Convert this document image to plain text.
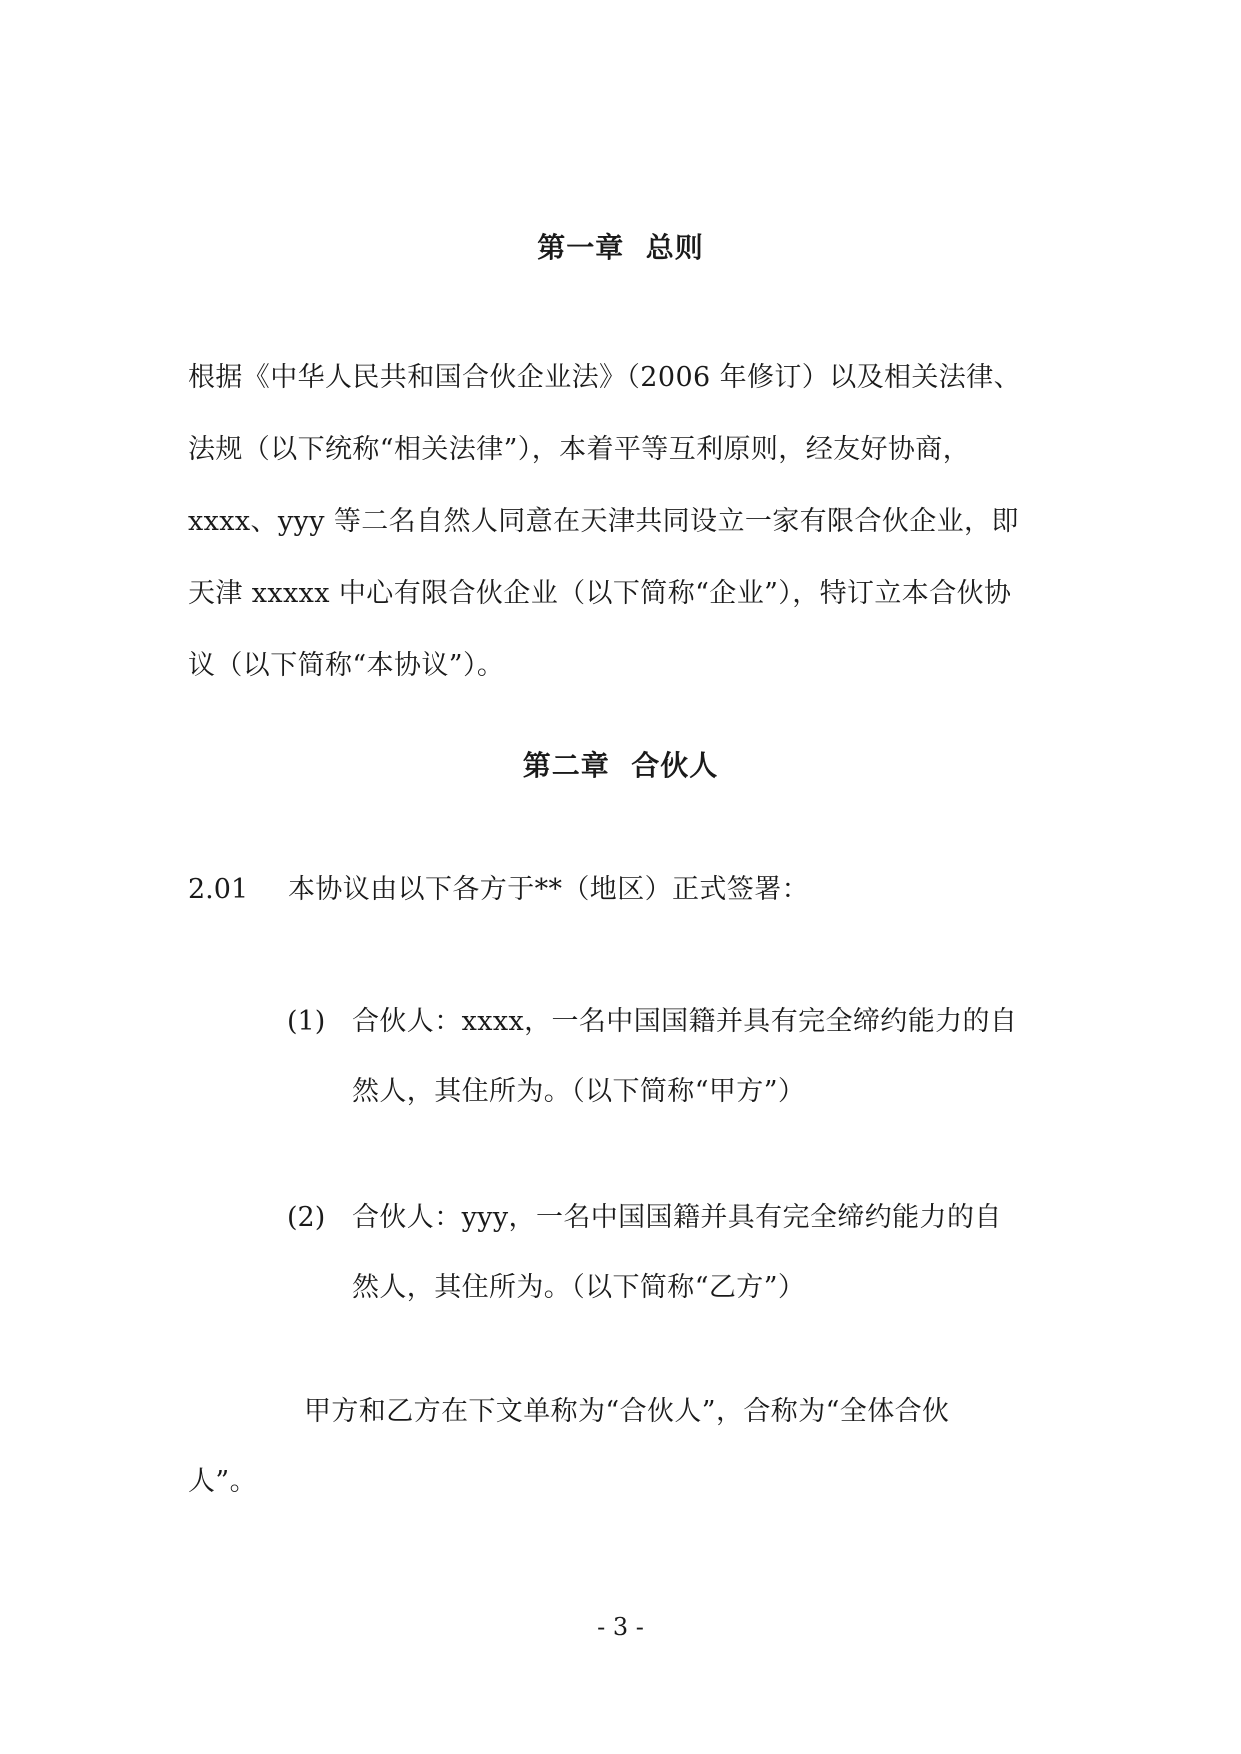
第一章  总则
根据《中华人民共和国合伙企业法》（2006 年修订）以及相关法律、
法规（以下统称“相关法律”），本着平等互利原则，经友好协商，
xxxx、yyy 等二名自然人同意在天津共同设立一家有限合伙企业，即
天津 xxxxx 中心有限合伙企业（以下简称“企业”），特订立本合伙协
议（以下简称“本协议”）。
第二章  合伙人
2.01 本协议由以下各方于**（地区）正式签署：
(1) 合伙人：xxxx，一名中国国籍并具有完全缔约能力的自
然人，其住所为。（以下简称“甲方”）
(2) 合伙人：yyy，一名中国国籍并具有完全缔约能力的自
然人，其住所为。（以下简称“乙方”）
甲方和乙方在下文单称为“合伙人”，合称为“全体合伙
人”。
- 3 -
